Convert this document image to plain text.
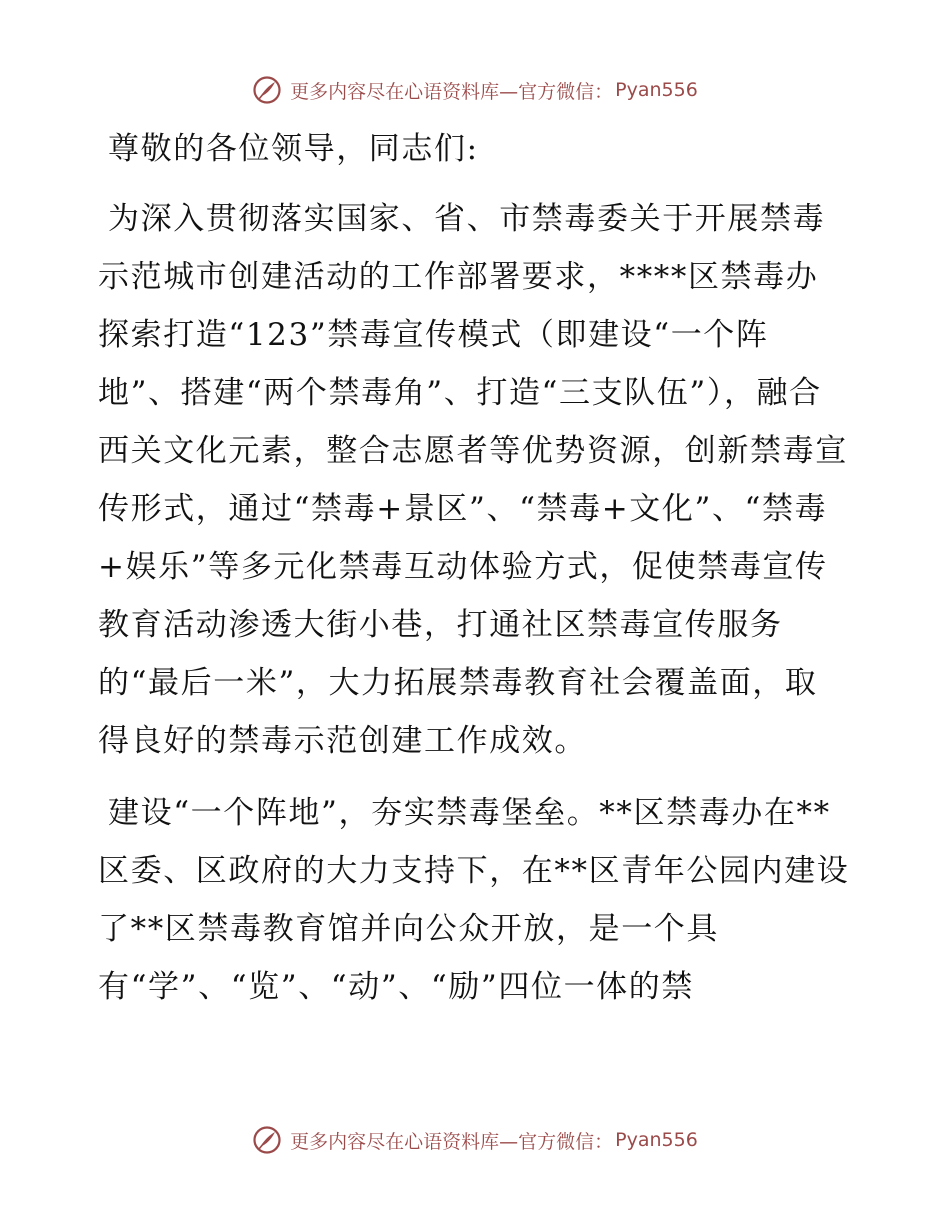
更多内容尽在心语资料库—官方微信： Pyan556

尊敬的各位领导，同志们:

为深入贯彻落实国家、省、市禁毒委关于开展禁毒示范城市创建活动的工作部署要求，****区禁毒办探索打造“123”禁毒宣传模式（即建设“一个阵地”、搭建“两个禁毒角”、打造“三支队伍”），融合西关文化元素，整合志愿者等优势资源，创新禁毒宣传形式，通过“禁毒+景区”、“禁毒+文化”、“禁毒+娱乐”等多元化禁毒互动体验方式，促使禁毒宣传教育活动渗透大街小巷，打通社区禁毒宣传服务的“最后一米”，大力拓展禁毒教育社会覆盖面，取得良好的禁毒示范创建工作成效。

建设“一个阵地”，夯实禁毒堡垒。**区禁毒办在**区委、区政府的大力支持下，在**区青年公园内建设了**区禁毒教育馆并向公众开放，是一个具有“学”、“览”、“动”、“励”四位一体的禁

更多内容尽在心语资料库—官方微信： Pyan556
